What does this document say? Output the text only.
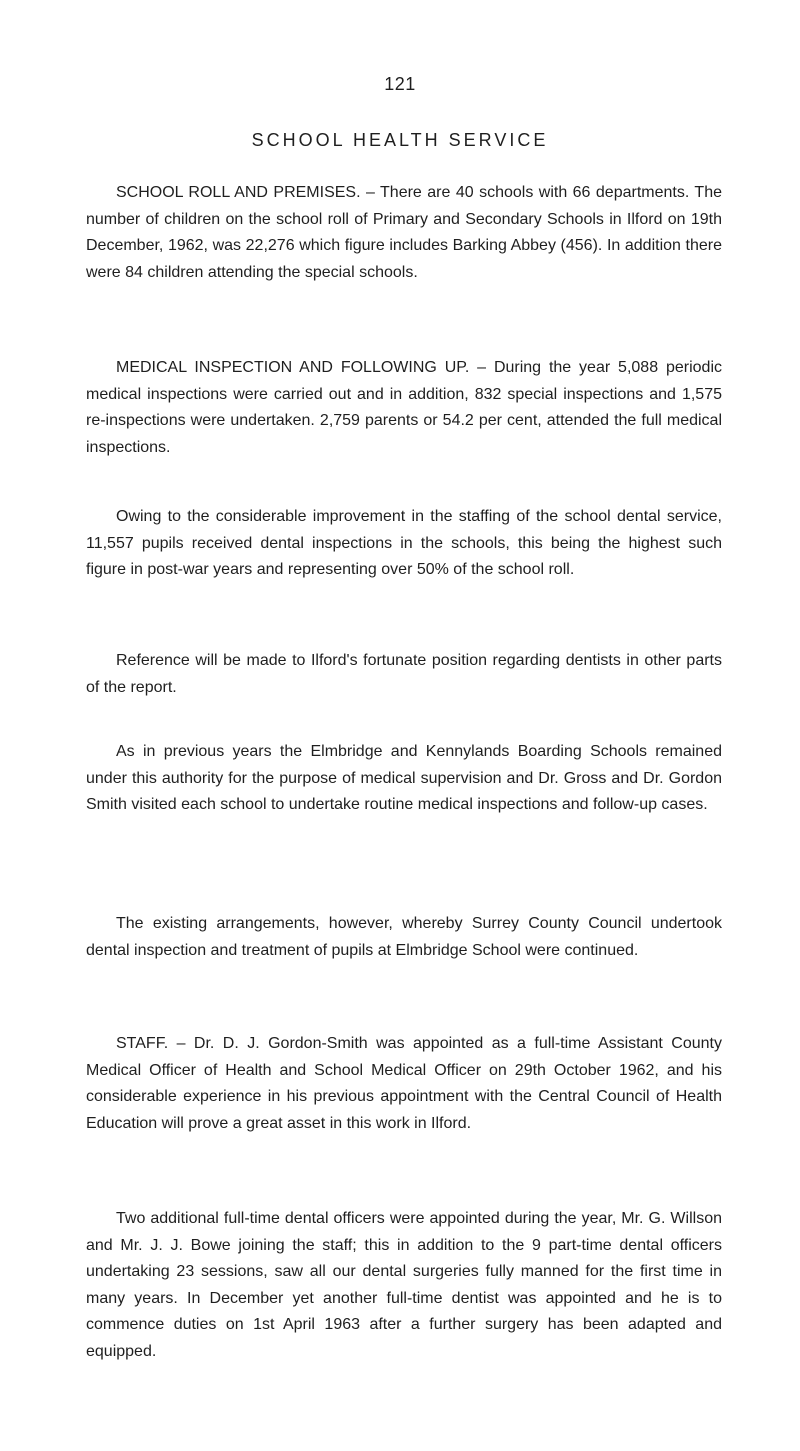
121
SCHOOL HEALTH SERVICE

SCHOOL ROLL AND PREMISES. – There are 40 schools with 66 departments. The number of children on the school roll of Primary and Secondary Schools in Ilford on 19th December, 1962, was 22,276 which figure includes Barking Abbey (456). In addition there were 84 children attending the special schools.

MEDICAL INSPECTION AND FOLLOWING UP. – During the year 5,088 periodic medical inspections were carried out and in addition, 832 special inspections and 1,575 re-inspections were undertaken. 2,759 parents or 54.2 per cent, attended the full medical inspections.

Owing to the considerable improvement in the staffing of the school dental service, 11,557 pupils received dental inspections in the schools, this being the highest such figure in post-war years and representing over 50% of the school roll.

Reference will be made to Ilford's fortunate position regarding dentists in other parts of the report.

As in previous years the Elmbridge and Kennylands Boarding Schools remained under this authority for the purpose of medical supervision and Dr. Gross and Dr. Gordon Smith visited each school to undertake routine medical inspections and follow-up cases.

The existing arrangements, however, whereby Surrey County Council undertook dental inspection and treatment of pupils at Elmbridge School were continued.

STAFF. – Dr. D. J. Gordon-Smith was appointed as a full-time Assistant County Medical Officer of Health and School Medical Officer on 29th October 1962, and his considerable experience in his previous appointment with the Central Council of Health Education will prove a great asset in this work in Ilford.

Two additional full-time dental officers were appointed during the year, Mr. G. Willson and Mr. J. J. Bowe joining the staff; this in addition to the 9 part-time dental officers undertaking 23 sessions, saw all our dental surgeries fully manned for the first time in many years. In December yet another full-time dentist was appointed and he is to commence duties on 1st April 1963 after a further surgery has been adapted and equipped.
